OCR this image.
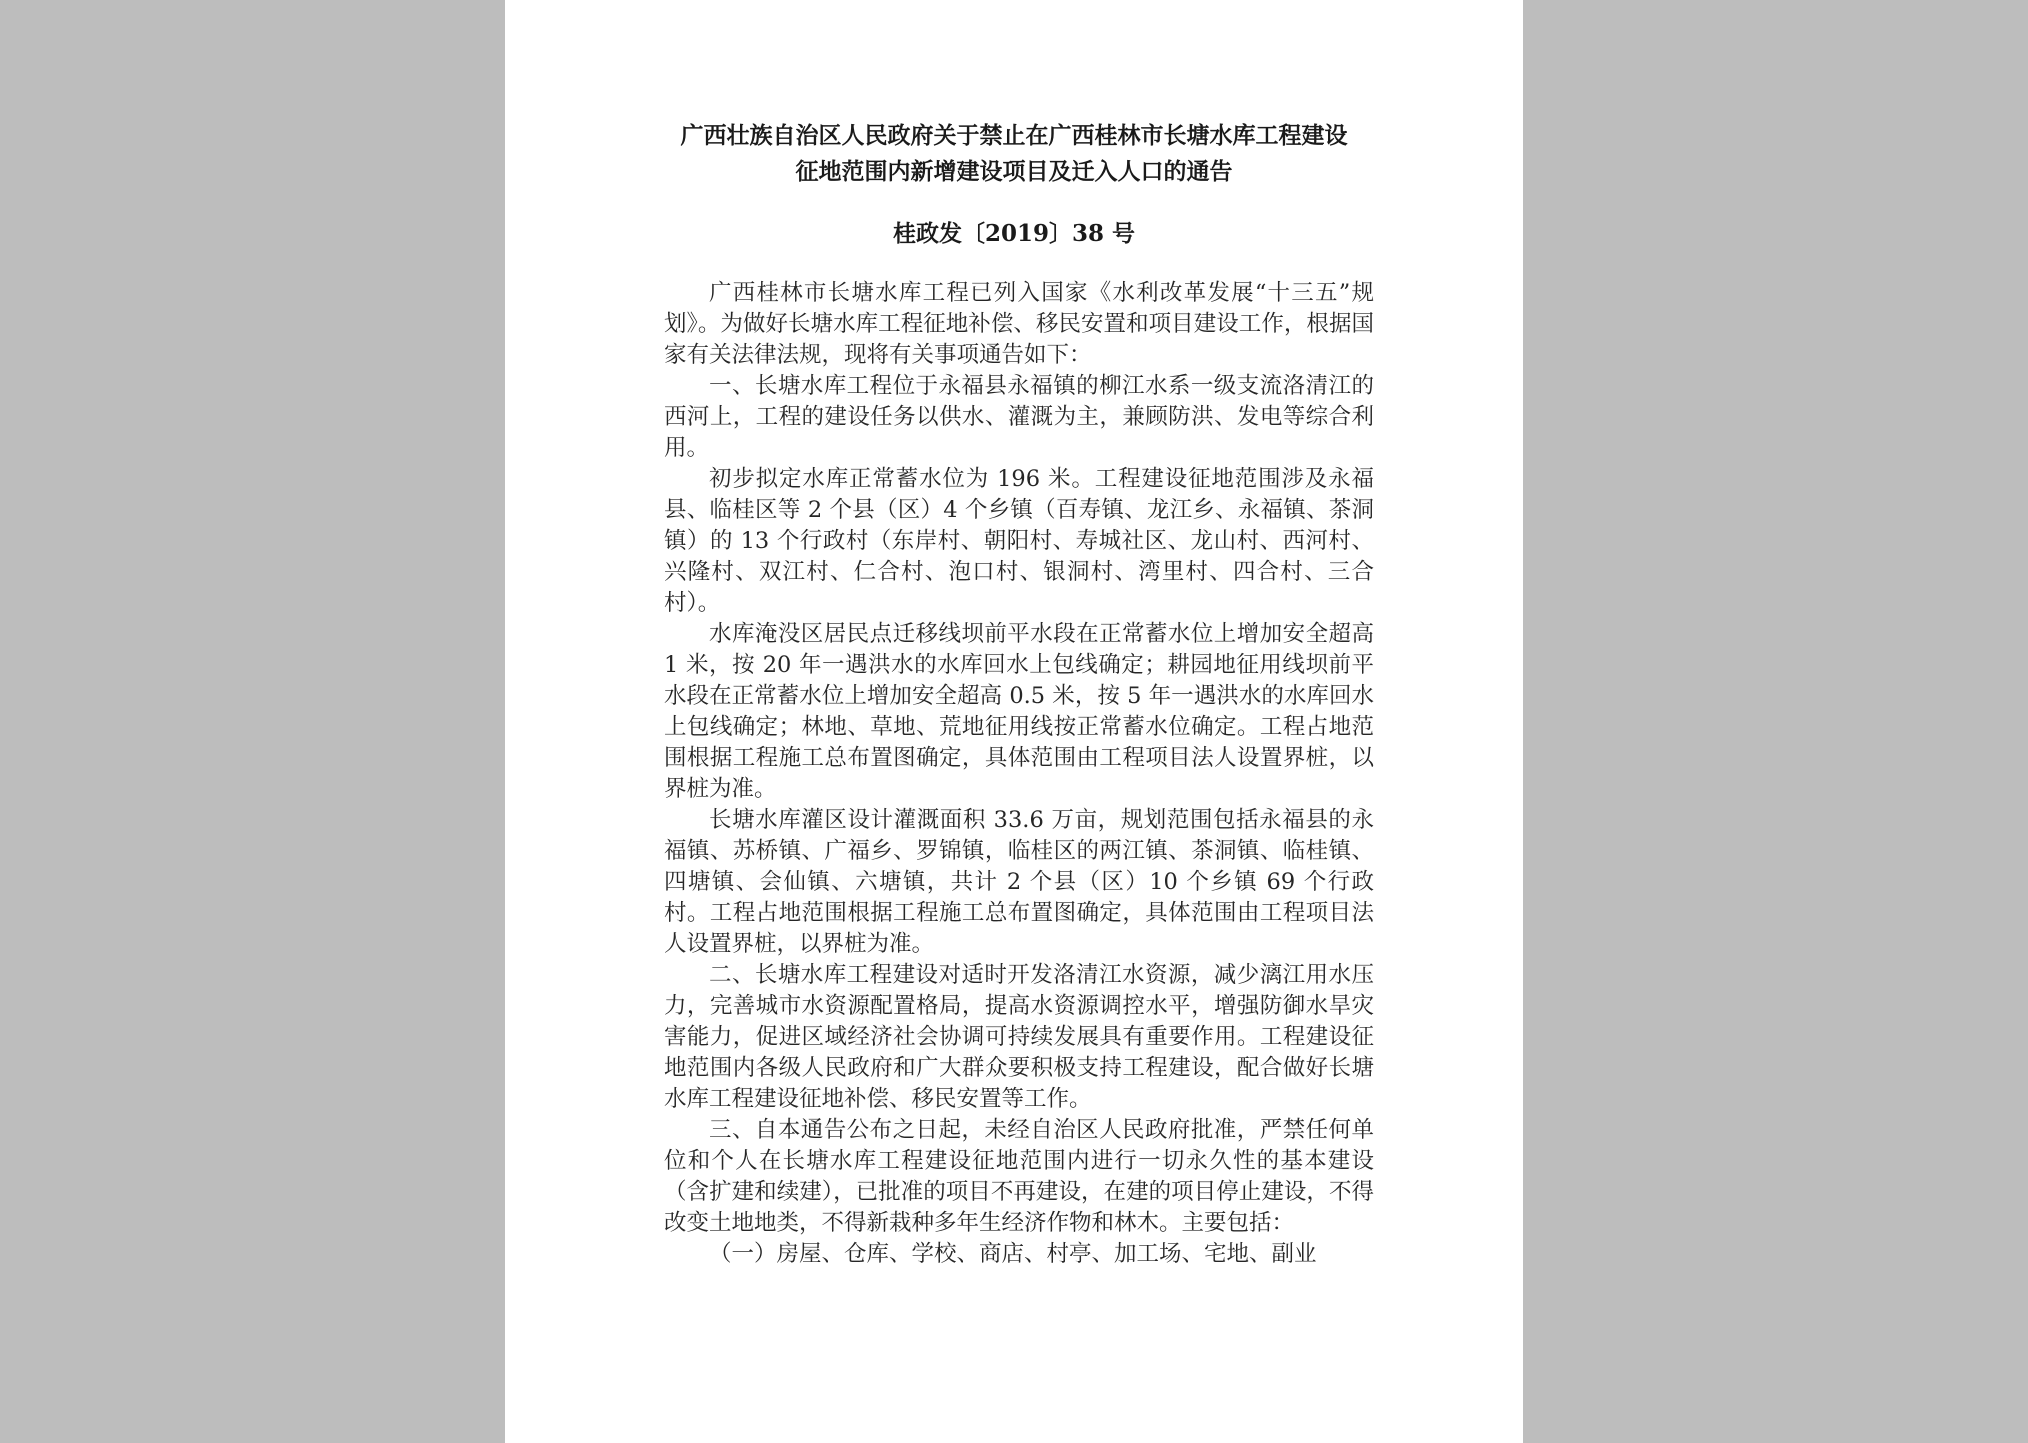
广西壮族自治区人民政府关于禁止在广西桂林市长塘水库工程建设
征地范围内新增建设项目及迁入人口的通告
桂政发〔2019〕38 号

广西桂林市长塘水库工程已列入国家《水利改革发展“十三五”规划》。为做好长塘水库工程征地补偿、移民安置和项目建设工作，根据国家有关法律法规，现将有关事项通告如下：

一、长塘水库工程位于永福县永福镇的柳江水系一级支流洛清江的西河上，工程的建设任务以供水、灌溉为主，兼顾防洪、发电等综合利用。

初步拟定水库正常蓄水位为 196 米。工程建设征地范围涉及永福县、临桂区等 2 个县（区）4 个乡镇（百寿镇、龙江乡、永福镇、茶洞镇）的 13 个行政村（东岸村、朝阳村、寿城社区、龙山村、西河村、兴隆村、双江村、仁合村、泡口村、银洞村、湾里村、四合村、三合村）。

水库淹没区居民点迁移线坝前平水段在正常蓄水位上增加安全超高 1 米，按 20 年一遇洪水的水库回水上包线确定；耕园地征用线坝前平水段在正常蓄水位上增加安全超高 0.5 米，按 5 年一遇洪水的水库回水上包线确定；林地、草地、荒地征用线按正常蓄水位确定。工程占地范围根据工程施工总布置图确定，具体范围由工程项目法人设置界桩，以界桩为准。

长塘水库灌区设计灌溉面积 33.6 万亩，规划范围包括永福县的永福镇、苏桥镇、广福乡、罗锦镇，临桂区的两江镇、茶洞镇、临桂镇、四塘镇、会仙镇、六塘镇，共计 2 个县（区）10 个乡镇 69 个行政村。工程占地范围根据工程施工总布置图确定，具体范围由工程项目法人设置界桩，以界桩为准。

二、长塘水库工程建设对适时开发洛清江水资源，减少漓江用水压力，完善城市水资源配置格局，提高水资源调控水平，增强防御水旱灾害能力，促进区域经济社会协调可持续发展具有重要作用。工程建设征地范围内各级人民政府和广大群众要积极支持工程建设，配合做好长塘水库工程建设征地补偿、移民安置等工作。

三、自本通告公布之日起，未经自治区人民政府批准，严禁任何单位和个人在长塘水库工程建设征地范围内进行一切永久性的基本建设（含扩建和续建），已批准的项目不再建设，在建的项目停止建设，不得改变土地地类，不得新栽种多年生经济作物和林木。主要包括：

（一）房屋、仓库、学校、商店、村亭、加工场、宅地、副业
